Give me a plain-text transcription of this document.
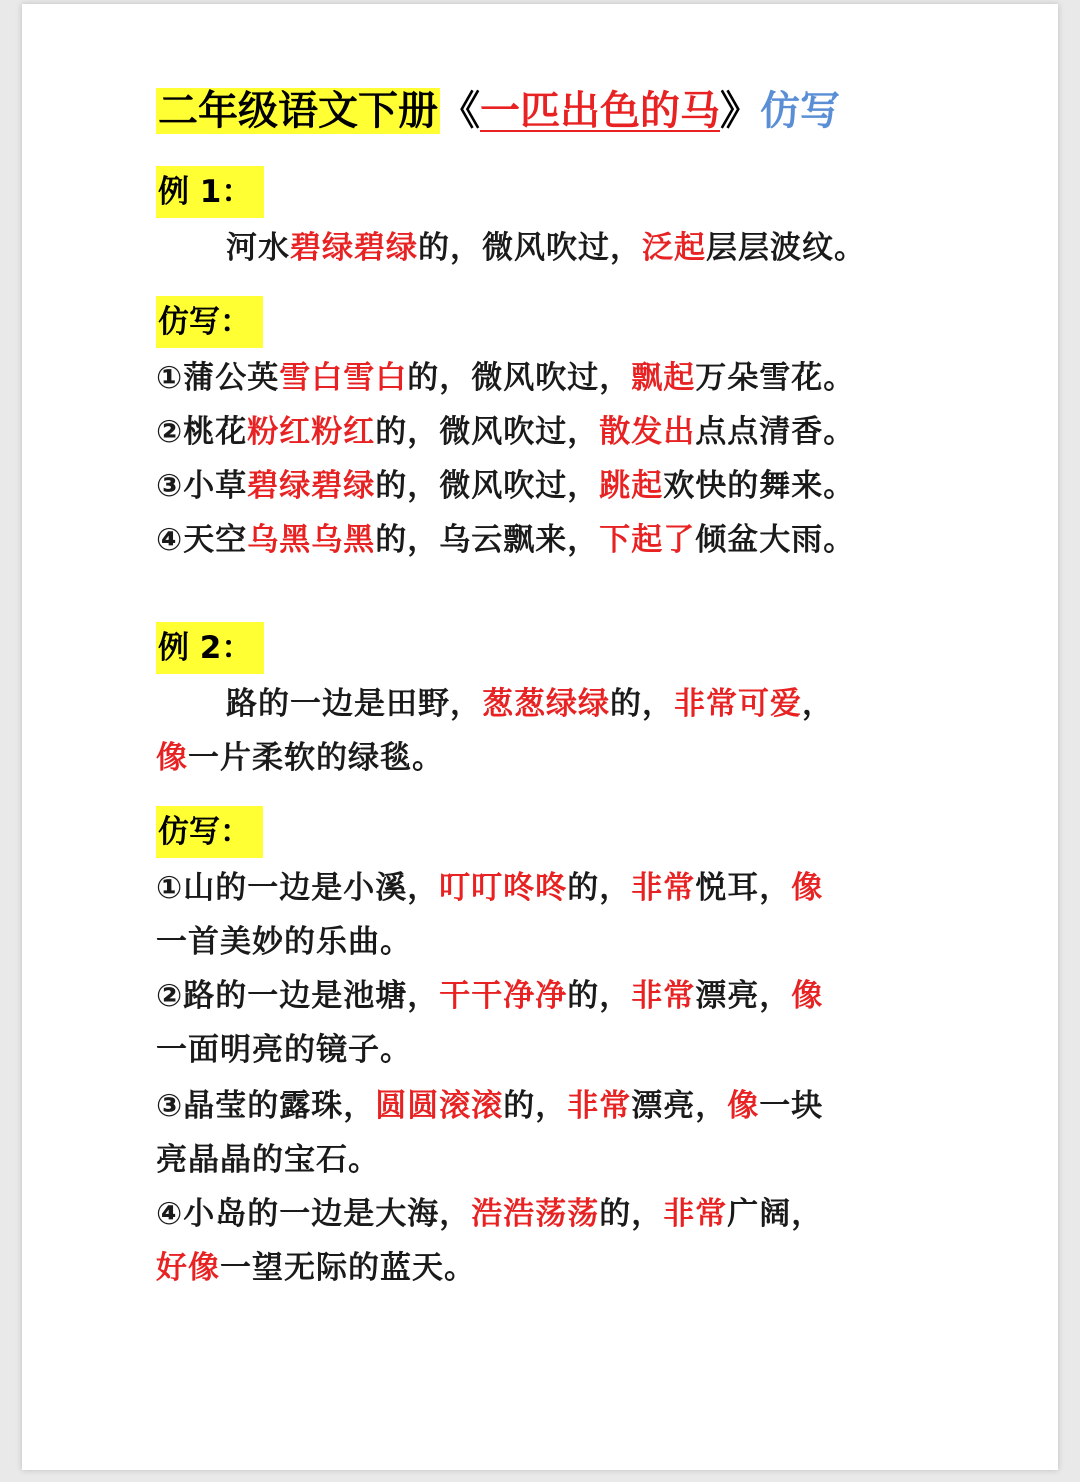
二年级语文下册《一匹出色的马》仿写
例 1：
河水碧绿碧绿的，微风吹过，泛起层层波纹。
仿写：
①蒲公英雪白雪白的，微风吹过，飘起万朵雪花。
②桃花粉红粉红的，微风吹过，散发出点点清香。
③小草碧绿碧绿的，微风吹过，跳起欢快的舞来。
④天空乌黑乌黑的，乌云飘来，下起了倾盆大雨。
例 2：
路的一边是田野，葱葱绿绿的，非常可爱，
像一片柔软的绿毯。
仿写：
①山的一边是小溪，叮叮咚咚的，非常悦耳，像
一首美妙的乐曲。
②路的一边是池塘，干干净净的，非常漂亮，像
一面明亮的镜子。
③晶莹的露珠，圆圆滚滚的，非常漂亮，像一块
亮晶晶的宝石。
④小岛的一边是大海，浩浩荡荡的，非常广阔，
好像一望无际的蓝天。
